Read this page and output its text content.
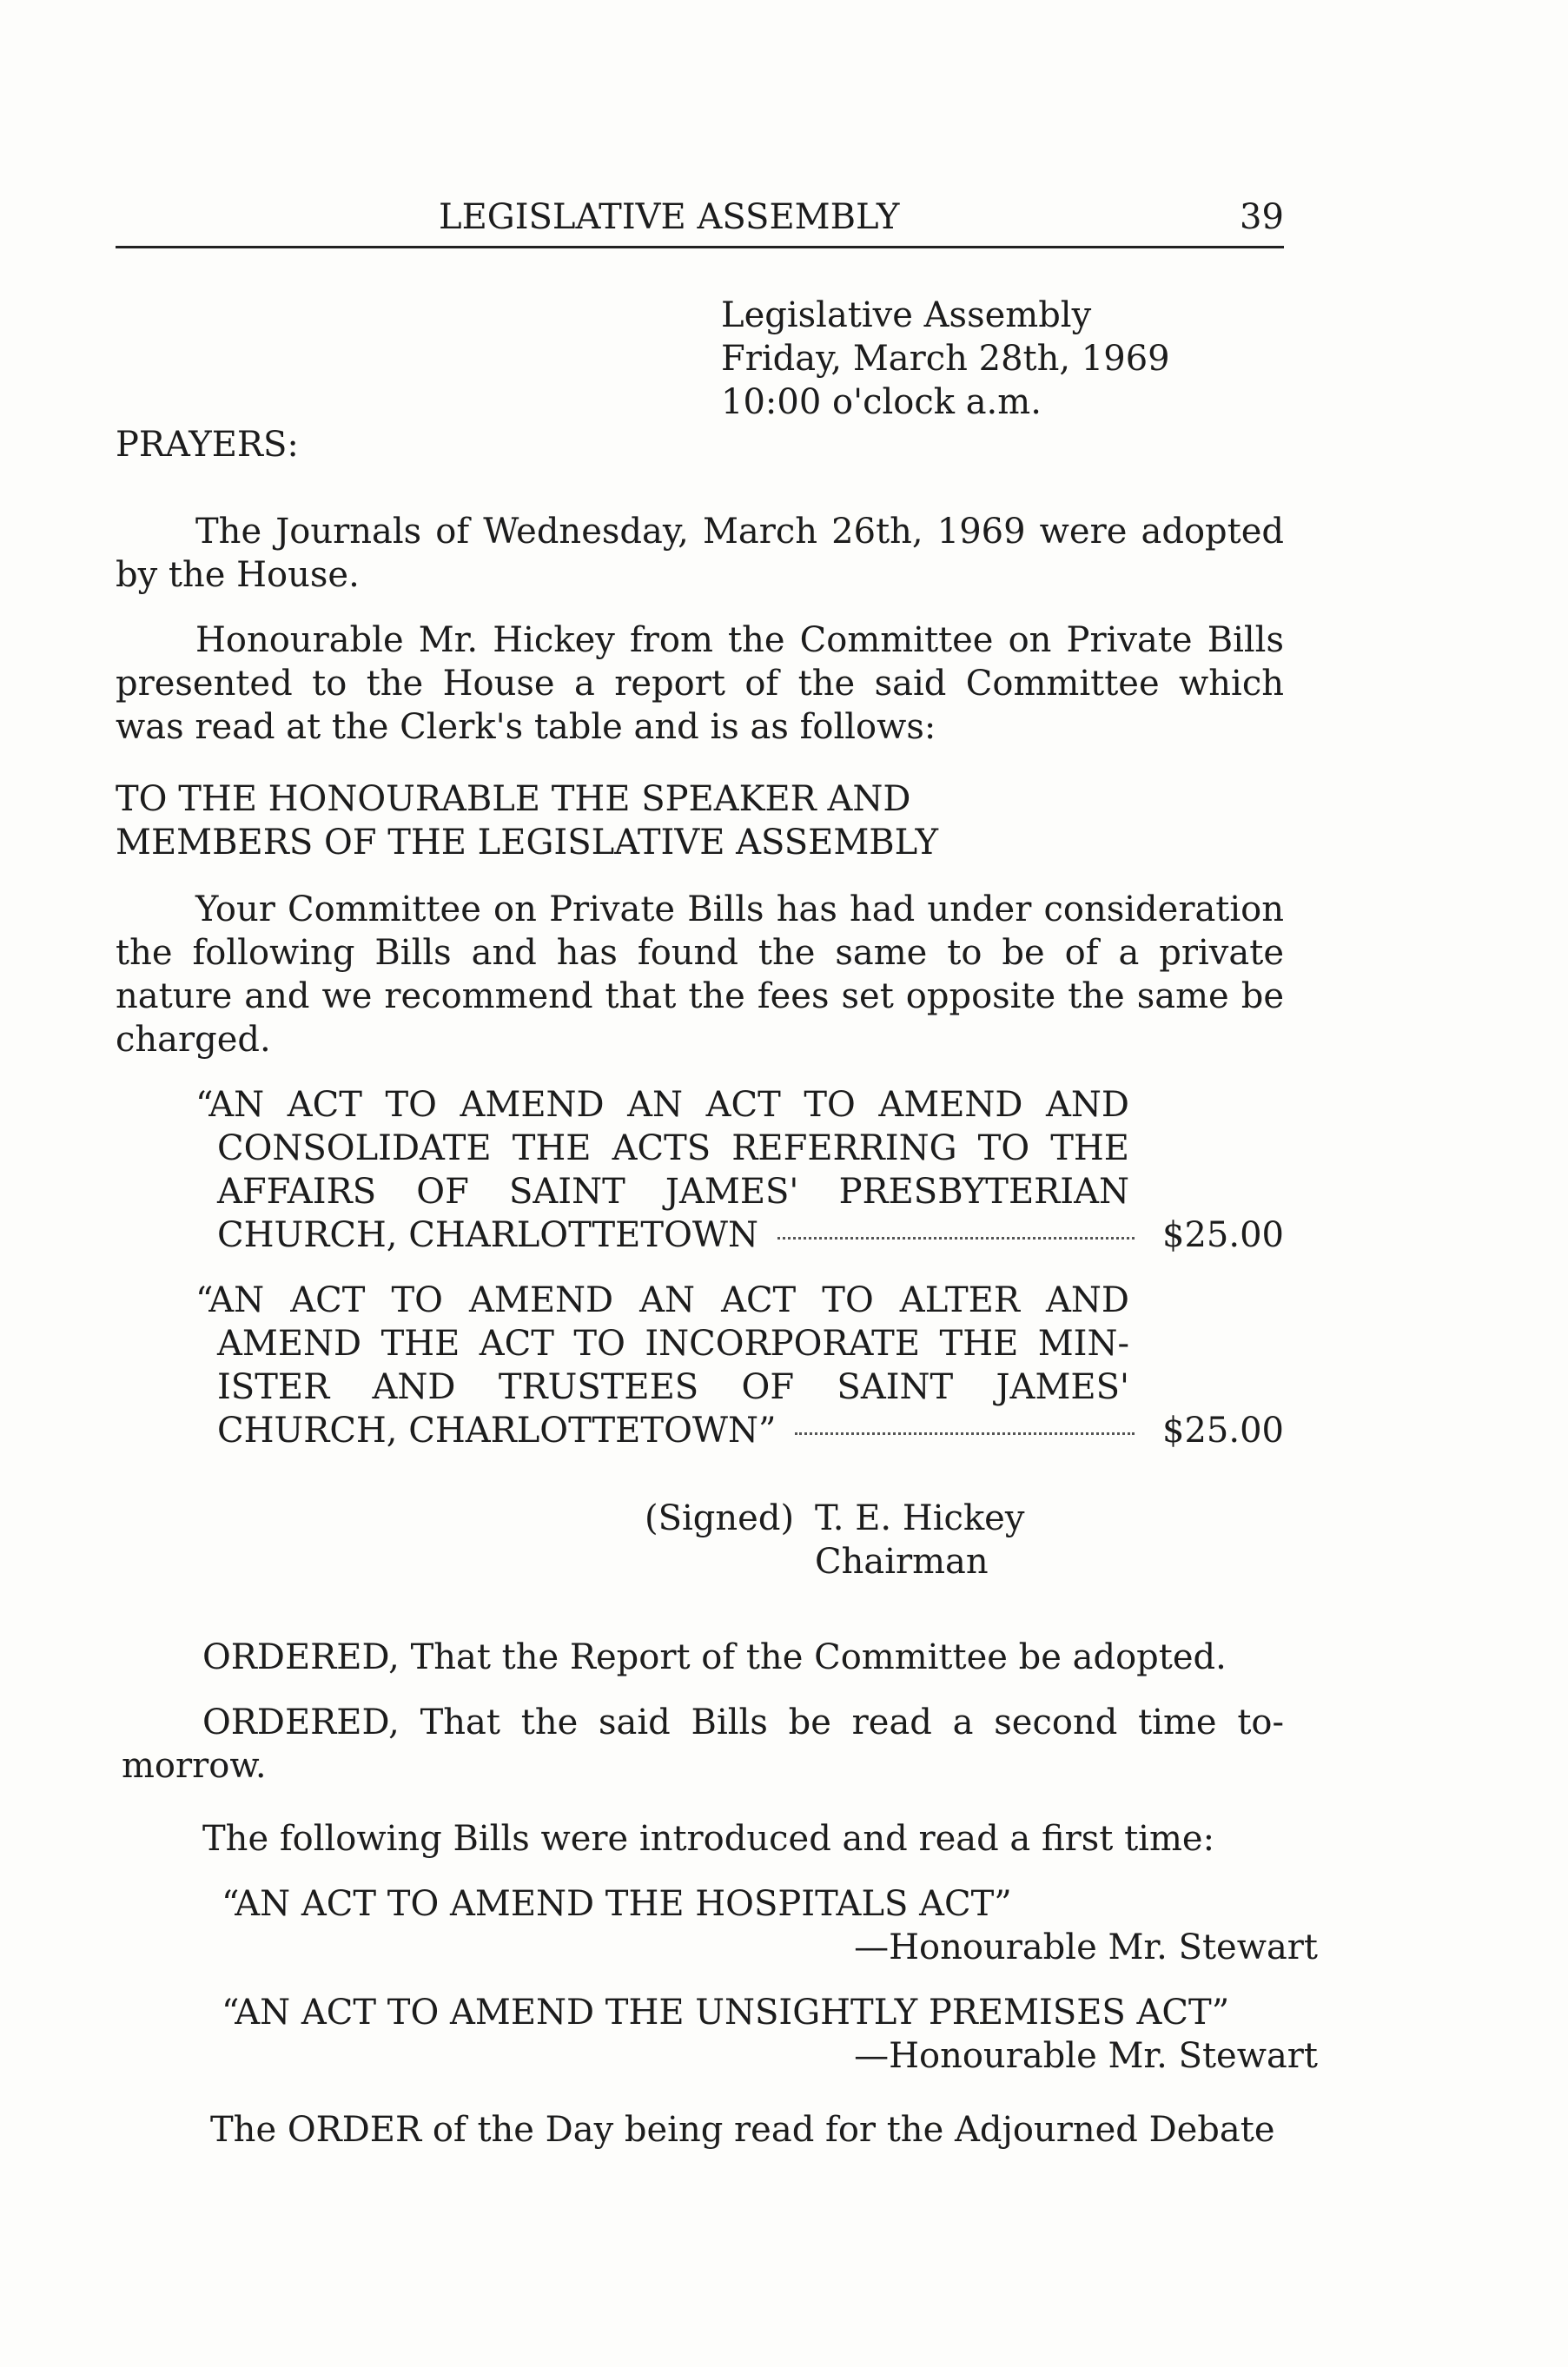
LEGISLATIVE ASSEMBLY	39
Legislative Assembly
Friday, March 28th, 1969
10:00 o'clock a.m.
PRAYERS:
The Journals of Wednesday, March 26th, 1969 were adopted
by the House.
Honourable Mr. Hickey from the Committee on Private Bills
presented to the House a report of the said Committee which
was read at the Clerk's table and is as follows:
TO THE HONOURABLE THE SPEAKER AND
MEMBERS OF THE LEGISLATIVE ASSEMBLY
Your Committee on Private Bills has had under consideration
the following Bills and has found the same to be of a private
nature and we recommend that the fees set opposite the same be
charged.
“AN ACT TO AMEND AN ACT TO AMEND AND
CONSOLIDATE THE ACTS REFERRING TO THE
AFFAIRS OF SAINT JAMES' PRESBYTERIAN
CHURCH, CHARLOTTETOWN	$25.00
“AN ACT TO AMEND AN ACT TO ALTER AND
AMEND THE ACT TO INCORPORATE THE MIN-
ISTER AND TRUSTEES OF SAINT JAMES'
CHURCH, CHARLOTTETOWN”	$25.00
(Signed) T. E. Hickey
Chairman
ORDERED, That the Report of the Committee be adopted.
ORDERED, That the said Bills be read a second time to-
morrow.
The following Bills were introduced and read a first time:
“AN ACT TO AMEND THE HOSPITALS ACT”
—Honourable Mr. Stewart
“AN ACT TO AMEND THE UNSIGHTLY PREMISES ACT”
—Honourable Mr. Stewart
The ORDER of the Day being read for the Adjourned Debate
